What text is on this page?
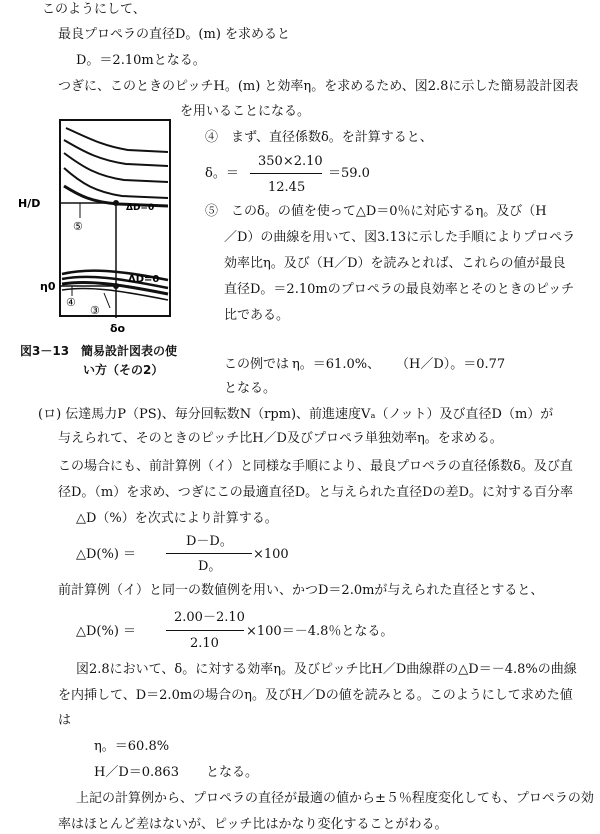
このようにして、
最良プロペラの直径D。(m) を求めると
D。＝2.10mとなる。
つぎに、このときのピッチH。(m) と効率η。を求めるため、図2.8に示した簡易設計図表
を用いることになる。
H/D
η0
δo
ΔD=0
ΔD=0
⑤
④
③
図3－13　簡易設計図表の使
い方（その2）
④　まず、直径係数δ。を計算すると、
δ。＝
350×2.10
12.45
＝59.0
⑤　このδ。の値を使って△D＝0％に対応するη。及び（H
／D）の曲線を用いて、図3.13に示した手順によりプロペラ
効率比η。及び（H／D）を読みとれば、これらの値が最良
直径D。＝2.10mのプロペラの最良効率とそのときのピッチ
比である。
この例では η。＝61.0%、 （H／D）。＝0.77
となる。
(ロ) 伝達馬力P（PS)、毎分回転数N（rpm)、前進速度Vₐ（ノット）及び直径D（m）が
与えられて、そのときのピッチ比H／D及びプロペラ単独効率η。を求める。
この場合にも、前計算例（イ）と同様な手順により、最良プロペラの直径係数δ。及び直
径D。（m）を求め、つぎにこの最適直径D。と与えられた直径Dの差D。に対する百分率
△D（%）を次式により計算する。
△D(%) ＝
D－D。
D。
×100
前計算例（イ）と同一の数値例を用い、かつD＝2.0mが与えられた直径とすると、
△D(%) ＝
2.00－2.10
2.10
×100＝－4.8％となる。
図2.8において、δ。に対する効率η。及びピッチ比H／D曲線群の△D＝－4.8%の曲線
を内挿して、D＝2.0mの場合のη。及びH／Dの値を読みとる。このようにして求めた値
は
η。＝60.8%
H／D＝0.863 となる。
上記の計算例から、プロペラの直径が最適の値から±５％程度変化しても、プロペラの効
率はほとんど差はないが、ピッチ比はかなり変化することがわる。
